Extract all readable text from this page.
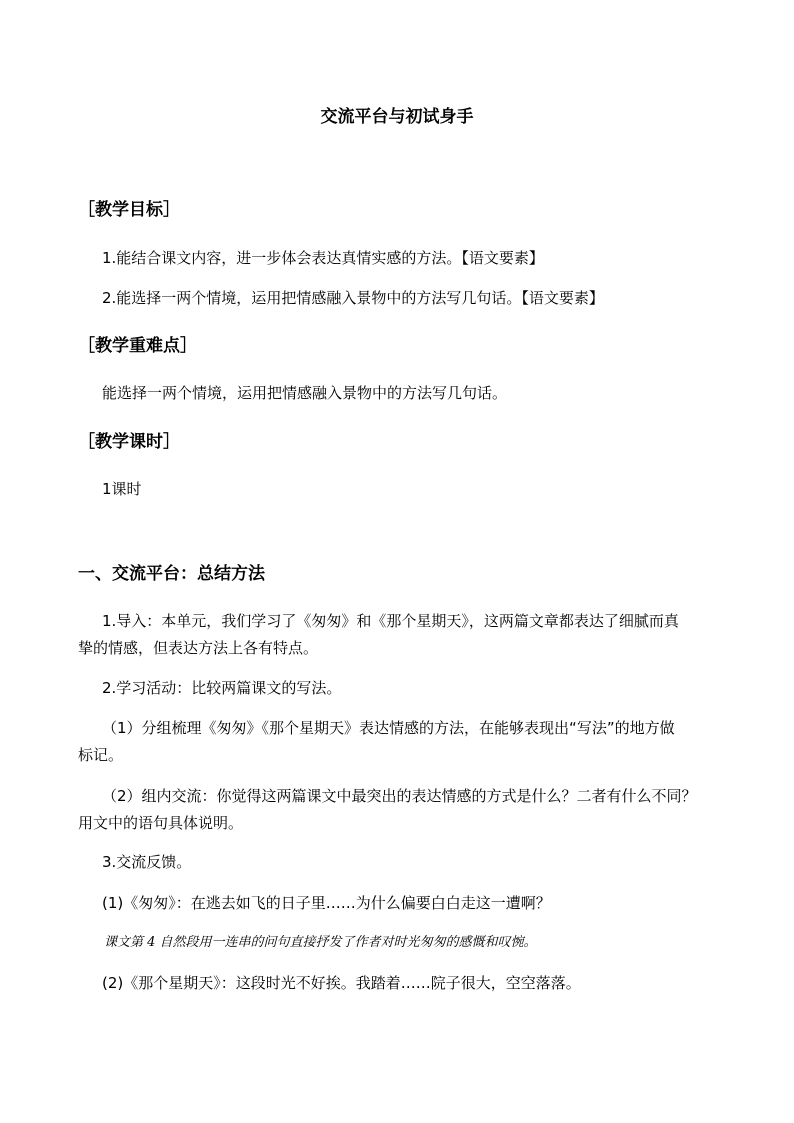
交流平台与初试身手
［教学目标］
1.能结合课文内容，进一步体会表达真情实感的方法。【语文要素】
2.能选择一两个情境，运用把情感融入景物中的方法写几句话。【语文要素】
［教学重难点］
能选择一两个情境，运用把情感融入景物中的方法写几句话。
［教学课时］
1课时
一、交流平台：总结方法
1.导入：本单元，我们学习了《匆匆》和《那个星期天》，这两篇文章都表达了细腻而真
挚的情感，但表达方法上各有特点。
2.学习活动：比较两篇课文的写法。
（1）分组梳理《匆匆》《那个星期天》表达情感的方法，在能够表现出“写法”的地方做
标记。
（2）组内交流：你觉得这两篇课文中最突出的表达情感的方式是什么？二者有什么不同？
用文中的语句具体说明。
3.交流反馈。
(1)《匆匆》：在逃去如飞的日子里……为什么偏要白白走这一遭啊？
课文第 4 自然段用一连串的问句直接抒发了作者对时光匆匆的感慨和叹惋。
(2)《那个星期天》：这段时光不好挨。我踏着……院子很大，空空落落。
